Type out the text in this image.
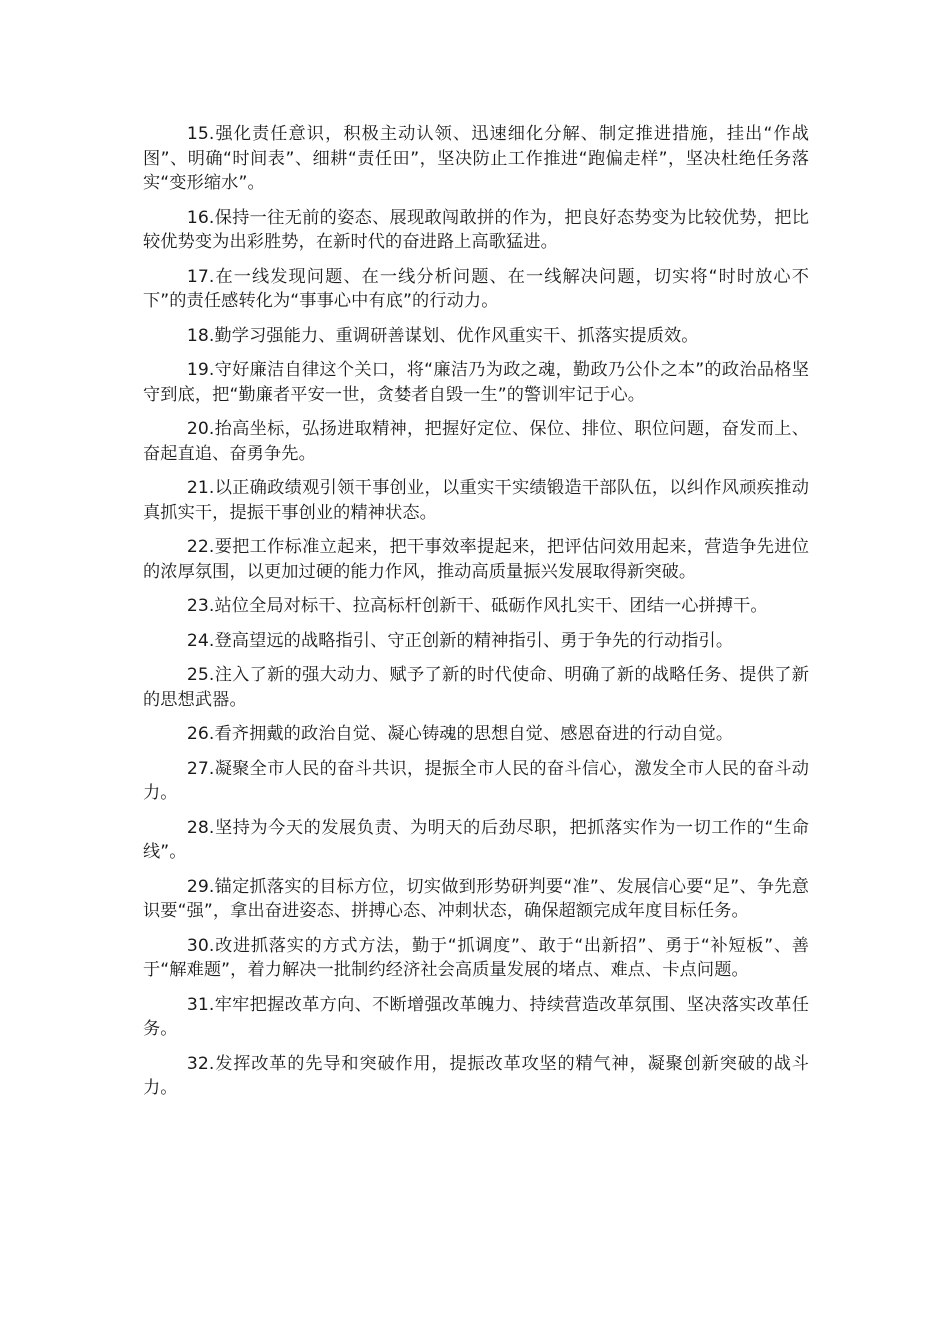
15.强化责任意识，积极主动认领、迅速细化分解、制定推进措施，挂出“作战图”、明确“时间表”、细耕“责任田”，坚决防止工作推进“跑偏走样”，坚决杜绝任务落实“变形缩水”。

16.保持一往无前的姿态、展现敢闯敢拼的作为，把良好态势变为比较优势，把比较优势变为出彩胜势，在新时代的奋进路上高歌猛进。

17.在一线发现问题、在一线分析问题、在一线解决问题，切实将“时时放心不下”的责任感转化为“事事心中有底”的行动力。

18.勤学习强能力、重调研善谋划、优作风重实干、抓落实提质效。

19.守好廉洁自律这个关口，将“廉洁乃为政之魂，勤政乃公仆之本”的政治品格坚守到底，把“勤廉者平安一世，贪婪者自毁一生”的警训牢记于心。

20.抬高坐标，弘扬进取精神，把握好定位、保位、排位、职位问题，奋发而上、奋起直追、奋勇争先。

21.以正确政绩观引领干事创业，以重实干实绩锻造干部队伍，以纠作风顽疾推动真抓实干，提振干事创业的精神状态。

22.要把工作标准立起来，把干事效率提起来，把评估问效用起来，营造争先进位的浓厚氛围，以更加过硬的能力作风，推动高质量振兴发展取得新突破。

23.站位全局对标干、拉高标杆创新干、砥砺作风扎实干、团结一心拼搏干。

24.登高望远的战略指引、守正创新的精神指引、勇于争先的行动指引。

25.注入了新的强大动力、赋予了新的时代使命、明确了新的战略任务、提供了新的思想武器。

26.看齐拥戴的政治自觉、凝心铸魂的思想自觉、感恩奋进的行动自觉。

27.凝聚全市人民的奋斗共识，提振全市人民的奋斗信心，激发全市人民的奋斗动力。

28.坚持为今天的发展负责、为明天的后劲尽职，把抓落实作为一切工作的“生命线”。

29.锚定抓落实的目标方位，切实做到形势研判要“准”、发展信心要“足”、争先意识要“强”，拿出奋进姿态、拼搏心态、冲刺状态，确保超额完成年度目标任务。

30.改进抓落实的方式方法，勤于“抓调度”、敢于“出新招”、勇于“补短板”、善于“解难题”，着力解决一批制约经济社会高质量发展的堵点、难点、卡点问题。

31.牢牢把握改革方向、不断增强改革魄力、持续营造改革氛围、坚决落实改革任务。

32.发挥改革的先导和突破作用，提振改革攻坚的精气神，凝聚创新突破的战斗力。
